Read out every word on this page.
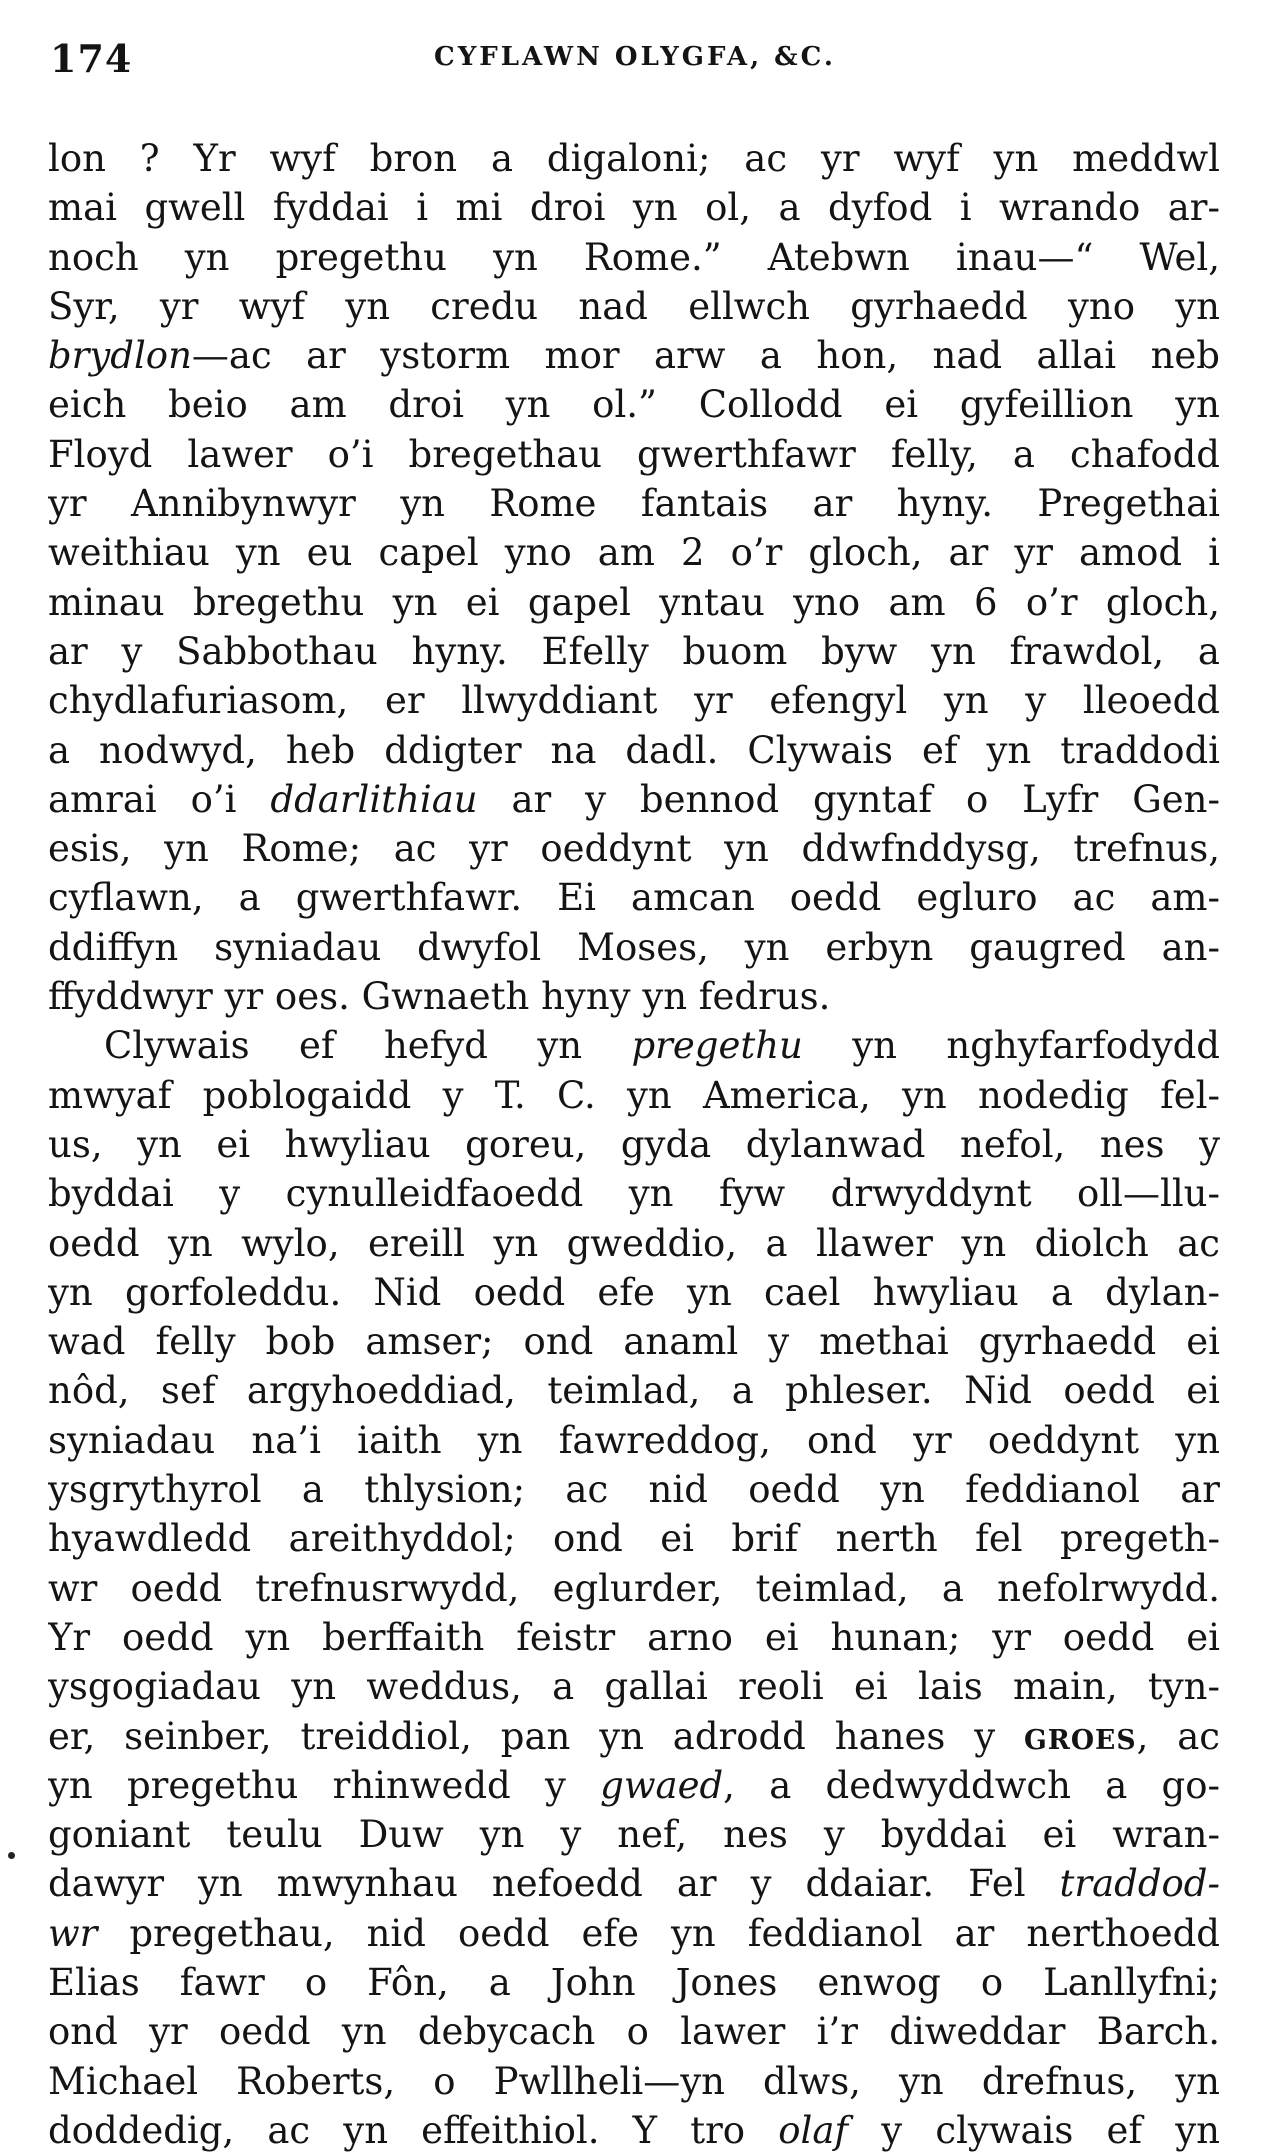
174	CYFLAWN OLYGFA, &C.
lon ? Yr wyf bron a digaloni; ac yr wyf yn meddwl
mai gwell fyddai i mi droi yn ol, a dyfod i wrando ar-
noch yn pregethu yn Rome.” Atebwn inau—“ Wel,
Syr, yr wyf yn credu nad ellwch gyrhaedd yno yn
brydlon—ac ar ystorm mor arw a hon, nad allai neb
eich beio am droi yn ol.” Collodd ei gyfeillion yn
Floyd lawer o’i bregethau gwerthfawr felly, a chafodd
yr Annibynwyr yn Rome fantais ar hyny. Pregethai
weithiau yn eu capel yno am 2 o’r gloch, ar yr amod i
minau bregethu yn ei gapel yntau yno am 6 o’r gloch,
ar y Sabbothau hyny. Efelly buom byw yn frawdol, a
chydlafuriasom, er llwyddiant yr efengyl yn y lleoedd
a nodwyd, heb ddigter na dadl. Clywais ef yn traddodi
amrai o’i ddarlithiau ar y bennod gyntaf o Lyfr Gen-
esis, yn Rome; ac yr oeddynt yn ddwfnddysg, trefnus,
cyflawn, a gwerthfawr. Ei amcan oedd egluro ac am-
ddiffyn syniadau dwyfol Moses, yn erbyn gaugred an-
ffyddwyr yr oes. Gwnaeth hyny yn fedrus.
Clywais ef hefyd yn pregethu yn nghyfarfodydd
mwyaf poblogaidd y T. C. yn America, yn nodedig fel-
us, yn ei hwyliau goreu, gyda dylanwad nefol, nes y
byddai y cynulleidfaoedd yn fyw drwyddynt oll—llu-
oedd yn wylo, ereill yn gweddio, a llawer yn diolch ac
yn gorfoleddu. Nid oedd efe yn cael hwyliau a dylan-
wad felly bob amser; ond anaml y methai gyrhaedd ei
nôd, sef argyhoeddiad, teimlad, a phleser. Nid oedd ei
syniadau na’i iaith yn fawreddog, ond yr oeddynt yn
ysgrythyrol a thlysion; ac nid oedd yn feddianol ar
hyawdledd areithyddol; ond ei brif nerth fel pregeth-
wr oedd trefnusrwydd, eglurder, teimlad, a nefolrwydd.
Yr oedd yn berffaith feistr arno ei hunan; yr oedd ei
ysgogiadau yn weddus, a gallai reoli ei lais main, tyn-
er, seinber, treiddiol, pan yn adrodd hanes y GROES, ac
yn pregethu rhinwedd y gwaed, a dedwyddwch a go-
goniant teulu Duw yn y nef, nes y byddai ei wran-
dawyr yn mwynhau nefoedd ar y ddaiar. Fel traddod-
wr pregethau, nid oedd efe yn feddianol ar nerthoedd
Elias fawr o Fôn, a John Jones enwog o Lanllyfni;
ond yr oedd yn debycach o lawer i’r diweddar Barch.
Michael Roberts, o Pwllheli—yn dlws, yn drefnus, yn
doddedig, ac yn effeithiol. Y tro olaf y clywais ef yn
